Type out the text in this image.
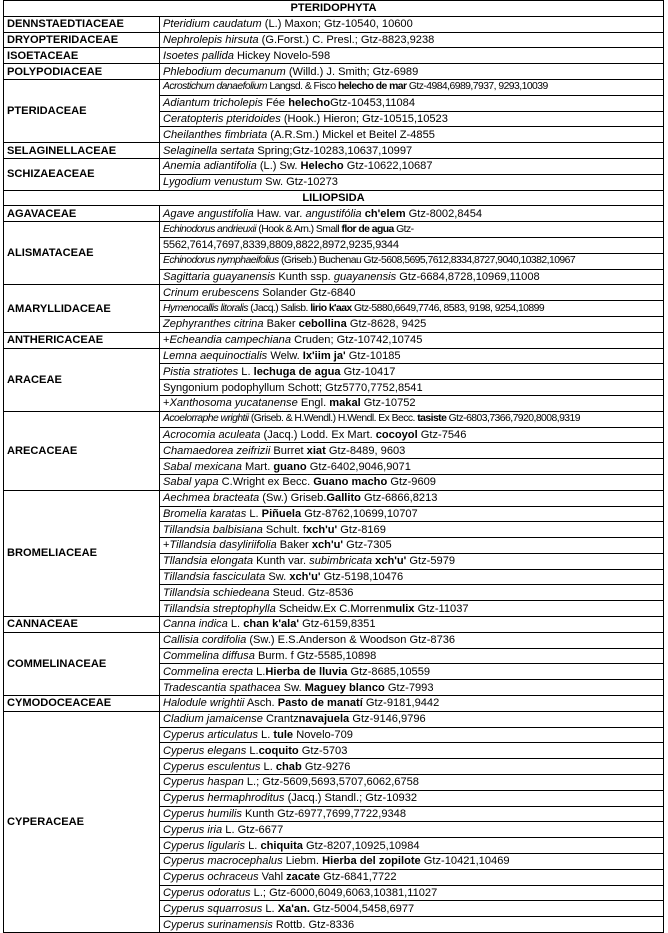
PTERIDOPHYTA	
DENNSTAEDTIACEAE	Pteridium caudatum (L.) Maxon; Gtz-10540, 10600
DRYOPTERIDACEAE	Nephrolepis hirsuta (G.Forst.) C. Presl.; Gtz-8823,9238
ISOETACEAE	Isoetes pallida Hickey Novelo-598
POLYPODIACEAE	Phlebodium decumanum (Willd.) J. Smith; Gtz-6989
PTERIDACEAE	Acrostichum danaefolium Langsd. & Fisco helecho de mar Gtz-4984,6989,7937, 9293,10039
	Adiantum tricholepis Fée helechoGtz-10453,11084
	Ceratopteris pteridoides (Hook.) Hieron; Gtz-10515,10523
	Cheilanthes fimbriata (A.R.Sm.) Mickel et Beitel Z-4855
SELAGINELLACEAE	Selaginella sertata Spring;Gtz-10283,10637,10997
SCHIZAEACEAE	Anemia adiantifolia (L.) Sw. Helecho Gtz-10622,10687
	Lygodium venustum Sw. Gtz-10273
LILIOPSIDA	
AGAVACEAE	Agave angustifolia Haw. var. angustifólia ch'elem Gtz-8002,8454
ALISMATACEAE	Echinodorus andrieuxii (Hook & Arn.) Small flor de agua Gtz-
	5562,7614,7697,8339,8809,8822,8972,9235,9344
	Echinodorus nymphaeifolius (Griseb.) Buchenau Gtz-5608,5695,7612,8334,8727,9040,10382,10967
	Sagittaria guayanensis Kunth ssp. guayanensis Gtz-6684,8728,10969,11008
AMARYLLIDACEAE	Crinum erubescens Solander Gtz-6840
	Hymenocallis litoralis (Jacq.) Salisb. lirio k'aax Gtz-5880,6649,7746, 8583, 9198, 9254,10899
	Zephyranthes citrina Baker cebollina Gtz-8628, 9425
ANTHERICACEAE	+Echeandia campechiana Cruden; Gtz-10742,10745
ARACEAE	Lemna aequinoctialis Welw. Ix'iim ja' Gtz-10185
	Pistia stratiotes L. lechuga de agua Gtz-10417
	Syngonium podophyllum Schott; Gtz5770,7752,8541
	+Xanthosoma yucatanense Engl. makal Gtz-10752
ARECACEAE	Acoelorraphe wrightii (Griseb. & H.Wendl.) H.Wendl. Ex Becc. tasiste Gtz-6803,7366,7920,8008,9319
	Acrocomia aculeata (Jacq.) Lodd. Ex Mart. cocoyol Gtz-7546
	Chamaedorea zeifrizii Burret xiat Gtz-8489, 9603
	Sabal mexicana Mart. guano Gtz-6402,9046,9071
	Sabal yapa C.Wright ex Becc. Guano macho Gtz-9609
BROMELIACEAE	Aechmea bracteata (Sw.) Griseb.Gallito Gtz-6866,8213
	Bromelia karatas L. Piñuela Gtz-8762,10699,10707
	Tillandsia balbisiana Schult. fxch'u' Gtz-8169
	+Tillandsia dasyliriifolia Baker xch'u' Gtz-7305
	Tllandsia elongata Kunth var. subimbricata xch'u' Gtz-5979
	Tillandsia fasciculata Sw. xch'u' Gtz-5198,10476
	Tillandsia schiedeana Steud. Gtz-8536
	Tillandsia streptophylla Scheidw.Ex C.Morrenmulix Gtz-11037
CANNACEAE	Canna indica L. chan k'ala' Gtz-6159,8351
COMMELINACEAE	Callisia cordifolia (Sw.) E.S.Anderson & Woodson Gtz-8736
	Commelina diffusa Burm. f Gtz-5585,10898
	Commelina erecta L.Hierba de lluvia Gtz-8685,10559
	Tradescantia spathacea Sw. Maguey blanco Gtz-7993
CYMODOCEACEAE	Halodule wrightii Asch. Pasto de manatí Gtz-9181,9442
CYPERACEAE	Cladium jamaicense Crantznavajuela Gtz-9146,9796
	Cyperus articulatus L. tule Novelo-709
	Cyperus elegans L.coquito Gtz-5703
	Cyperus esculentus L. chab Gtz-9276
	Cyperus haspan L.; Gtz-5609,5693,5707,6062,6758
	Cyperus hermaphroditus (Jacq.) Standl.; Gtz-10932
	Cyperus humilis Kunth Gtz-6977,7699,7722,9348
	Cyperus iria L. Gtz-6677
	Cyperus ligularis L. chiquita Gtz-8207,10925,10984
	Cyperus macrocephalus Liebm. Hierba del zopilote Gtz-10421,10469
	Cyperus ochraceus Vahl zacate Gtz-6841,7722
	Cyperus odoratus L.; Gtz-6000,6049,6063,10381,11027
	Cyperus squarrosus L. Xa'an. Gtz-5004,5458,6977
	Cyperus surinamensis Rottb. Gtz-8336
